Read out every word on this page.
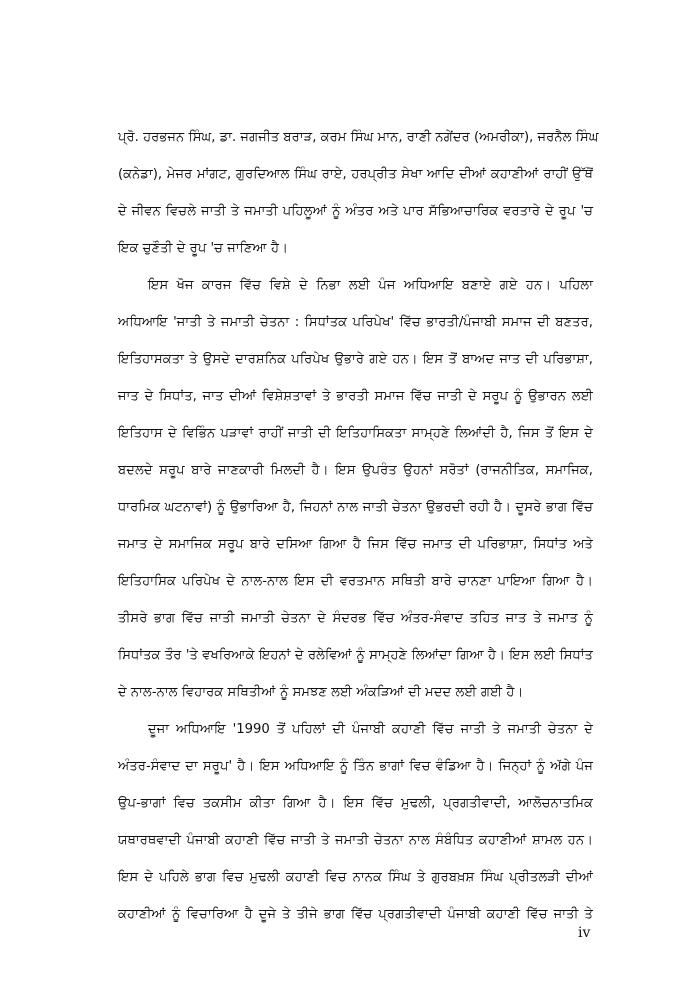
ਪ੍ਰੋ. ਹਰਭਜਨ ਸਿੰਘ, ਡਾ. ਜਗਜੀਤ ਬਰਾੜ, ਕਰਮ ਸਿੰਘ ਮਾਨ, ਰਾਣੀ ਨਗੇਂਦਰ (ਅਮਰੀਕਾ), ਜਰਨੈਲ ਸਿੰਘ
(ਕਨੇਡਾ), ਮੇਜਰ ਮਾਂਗਟ, ਗੁਰਦਿਆਲ ਸਿੰਘ ਰਾਏ, ਹਰਪ੍ਰੀਤ ਸੇਖਾ ਆਦਿ ਦੀਆਂ ਕਹਾਣੀਆਂ ਰਾਹੀਂ ਉੱਥੋਂ
ਦੇ ਜੀਵਨ ਵਿਚਲੇ ਜਾਤੀ ਤੇ ਜਮਾਤੀ ਪਹਿਲੂਆਂ ਨੂੰ ਅੰਤਰ ਅਤੇ ਪਾਰ ਸੱਭਿਆਚਾਰਿਕ ਵਰਤਾਰੇ ਦੇ ਰੂਪ 'ਚ
ਇਕ ਚੁਣੌਤੀ ਦੇ ਰੂਪ 'ਚ ਜਾਣਿਆ ਹੈ।
ਇਸ ਖੋਜ ਕਾਰਜ ਵਿੱਚ ਵਿਸ਼ੇ ਦੇ ਨਿਭਾ ਲਈ ਪੰਜ ਅਧਿਆਇ ਬਣਾਏ ਗਏ ਹਨ। ਪਹਿਲਾ
ਅਧਿਆਇ 'ਜਾਤੀ ਤੇ ਜਮਾਤੀ ਚੇਤਨਾ : ਸਿਧਾਂਤਕ ਪਰਿਪੇਖ' ਵਿੱਚ ਭਾਰਤੀ/ਪੰਜਾਬੀ ਸਮਾਜ ਦੀ ਬਣਤਰ,
ਇਤਿਹਾਸਕਤਾ ਤੇ ਉਸਦੇ ਦਾਰਸ਼ਨਿਕ ਪਰਿਪੇਖ ਉਭਾਰੇ ਗਏ ਹਨ। ਇਸ ਤੋਂ ਬਾਅਦ ਜਾਤ ਦੀ ਪਰਿਭਾਸ਼ਾ,
ਜਾਤ ਦੇ ਸਿਧਾਂਤ, ਜਾਤ ਦੀਆਂ ਵਿਸ਼ੇਸ਼ਤਾਵਾਂ ਤੇ ਭਾਰਤੀ ਸਮਾਜ ਵਿੱਚ ਜਾਤੀ ਦੇ ਸਰੂਪ ਨੂੰ ਉਭਾਰਨ ਲਈ
ਇਤਿਹਾਸ ਦੇ ਵਿਭਿੰਨ ਪੜਾਵਾਂ ਰਾਹੀਂ ਜਾਤੀ ਦੀ ਇਤਿਹਾਸਿਕਤਾ ਸਾਮ੍ਹਣੇ ਲਿਆਂਦੀ ਹੈ, ਜਿਸ ਤੋਂ ਇਸ ਦੇ
ਬਦਲਦੇ ਸਰੂਪ ਬਾਰੇ ਜਾਣਕਾਰੀ ਮਿਲਦੀ ਹੈ। ਇਸ ਉਪਰੰਤ ਉਹਨਾਂ ਸਰੋਤਾਂ (ਰਾਜਨੀਤਿਕ, ਸਮਾਜਿਕ,
ਧਾਰਮਿਕ ਘਟਨਾਵਾਂ) ਨੂੰ ਉਭਾਰਿਆ ਹੈ, ਜਿਹਨਾਂ ਨਾਲ ਜਾਤੀ ਚੇਤਨਾ ਉਭਰਦੀ ਰਹੀ ਹੈ। ਦੂਸਰੇ ਭਾਗ ਵਿੱਚ
ਜਮਾਤ ਦੇ ਸਮਾਜਿਕ ਸਰੂਪ ਬਾਰੇ ਦਸਿਆ ਗਿਆ ਹੈ ਜਿਸ ਵਿੱਚ ਜਮਾਤ ਦੀ ਪਰਿਭਾਸ਼ਾ, ਸਿਧਾਂਤ ਅਤੇ
ਇਤਿਹਾਸਿਕ ਪਰਿਪੇਖ ਦੇ ਨਾਲ-ਨਾਲ ਇਸ ਦੀ ਵਰਤਮਾਨ ਸਥਿਤੀ ਬਾਰੇ ਚਾਨਣਾ ਪਾਇਆ ਗਿਆ ਹੈ।
ਤੀਸਰੇ ਭਾਗ ਵਿੱਚ ਜਾਤੀ ਜਮਾਤੀ ਚੇਤਨਾ ਦੇ ਸੰਦਰਭ ਵਿੱਚ ਅੰਤਰ-ਸੰਵਾਦ ਤਹਿਤ ਜਾਤ ਤੇ ਜਮਾਤ ਨੂੰ
ਸਿਧਾਂਤਕ ਤੌਰ 'ਤੇ ਵਖਰਿਆਕੇ ਇਹਨਾਂ ਦੇ ਰਲੇਵਿਆਂ ਨੂੰ ਸਾਮ੍ਹਣੇ ਲਿਆਂਦਾ ਗਿਆ ਹੈ। ਇਸ ਲਈ ਸਿਧਾਂਤ
ਦੇ ਨਾਲ-ਨਾਲ ਵਿਹਾਰਕ ਸਥਿਤੀਆਂ ਨੂੰ ਸਮਝਣ ਲਈ ਅੰਕੜਿਆਂ ਦੀ ਮਦਦ ਲਈ ਗਈ ਹੈ।
ਦੂਜਾ ਅਧਿਆਇ '1990 ਤੋਂ ਪਹਿਲਾਂ ਦੀ ਪੰਜਾਬੀ ਕਹਾਣੀ ਵਿੱਚ ਜਾਤੀ ਤੇ ਜਮਾਤੀ ਚੇਤਨਾ ਦੇ
ਅੰਤਰ-ਸੰਵਾਦ ਦਾ ਸਰੂਪ' ਹੈ। ਇਸ ਅਧਿਆਇ ਨੂੰ ਤਿੰਨ ਭਾਗਾਂ ਵਿਚ ਵੰਡਿਆ ਹੈ। ਜਿਨ੍ਹਾਂ ਨੂੰ ਅੱਗੇ ਪੰਜ
ਉਪ-ਭਾਗਾਂ ਵਿਚ ਤਕਸੀਮ ਕੀਤਾ ਗਿਆ ਹੈ। ਇਸ ਵਿੱਚ ਮੁਢਲੀ, ਪ੍ਰਗਤੀਵਾਦੀ, ਆਲੋਚਨਾਤਮਿਕ
ਯਥਾਰਥਵਾਦੀ ਪੰਜਾਬੀ ਕਹਾਣੀ ਵਿੱਚ ਜਾਤੀ ਤੇ ਜਮਾਤੀ ਚੇਤਨਾ ਨਾਲ ਸੰਬੰਧਿਤ ਕਹਾਣੀਆਂ ਸ਼ਾਮਲ ਹਨ।
ਇਸ ਦੇ ਪਹਿਲੇ ਭਾਗ ਵਿਚ ਮੁਢਲੀ ਕਹਾਣੀ ਵਿਚ ਨਾਨਕ ਸਿੰਘ ਤੇ ਗੁਰਬਖ਼ਸ਼ ਸਿੰਘ ਪ੍ਰੀਤਲੜੀ ਦੀਆਂ
ਕਹਾਣੀਆਂ ਨੂੰ ਵਿਚਾਰਿਆ ਹੈ ਦੂਜੇ ਤੇ ਤੀਜੇ ਭਾਗ ਵਿੱਚ ਪ੍ਰਗਤੀਵਾਦੀ ਪੰਜਾਬੀ ਕਹਾਣੀ ਵਿੱਚ ਜਾਤੀ ਤੇ
iv
